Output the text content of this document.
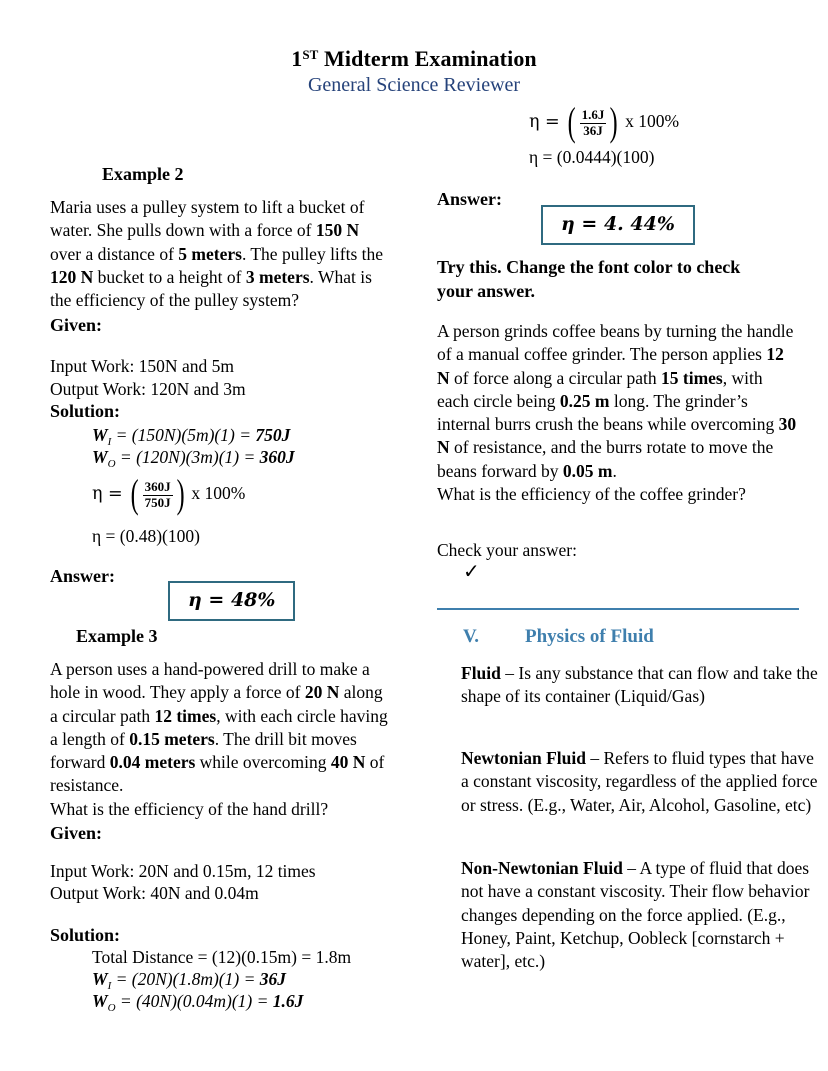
1ST Midterm Examination
General Science Reviewer
Example 2
Maria uses a pulley system to lift a bucket of water. She pulls down with a force of 150 N over a distance of 5 meters. The pulley lifts the 120 N bucket to a height of 3 meters. What is the efficiency of the pulley system?
Given:
Input Work: 150N and 5m
Output Work: 120N and 3m
Solution:
$W_I = (150N)(5m)(1) = 750J$
$W_O = (120N)(3m)(1) = 360J$
η = ( $\frac{360J}{750J}$ ) x 100%
η = (0.48)(100)
Answer:
η = 48%
Example 3
A person uses a hand-powered drill to make a hole in wood. They apply a force of 20 N along a circular path 12 times, with each circle having a length of 0.15 meters. The drill bit moves forward 0.04 meters while overcoming 40 N of resistance.
What is the efficiency of the hand drill?
Given:
Input Work: 20N and 0.15m, 12 times
Output Work: 40N and 0.04m
Solution:
Total Distance = (12)(0.15m) = 1.8m
$W_I = (20N)(1.8m)(1) = 36J$
$W_O = (40N)(0.04m)(1) = 1.6J$
η = ( $\frac{1.6J}{36J}$ ) x 100%
η = (0.0444)(100)
Answer:
η = 4. 44%
Try this. Change the font color to check
your answer.
A person grinds coffee beans by turning the handle of a manual coffee grinder. The person applies 12 N of force along a circular path 15 times, with each circle being 0.25 m long. The grinder’s internal burrs crush the beans while overcoming 30 N of resistance, and the burrs rotate to move the beans forward by 0.05 m.
What is the efficiency of the coffee grinder?
Check your answer:
✓
V. Physics of Fluid
Fluid – Is any substance that can flow and take the shape of its container (Liquid/Gas)
Newtonian Fluid – Refers to fluid types that have a constant viscosity, regardless of the applied force or stress. (E.g., Water, Air, Alcohol, Gasoline, etc)
Non-Newtonian Fluid – A type of fluid that does not have a constant viscosity. Their flow behavior changes depending on the force applied. (E.g., Honey, Paint, Ketchup, Oobleck [cornstarch + water], etc.)
